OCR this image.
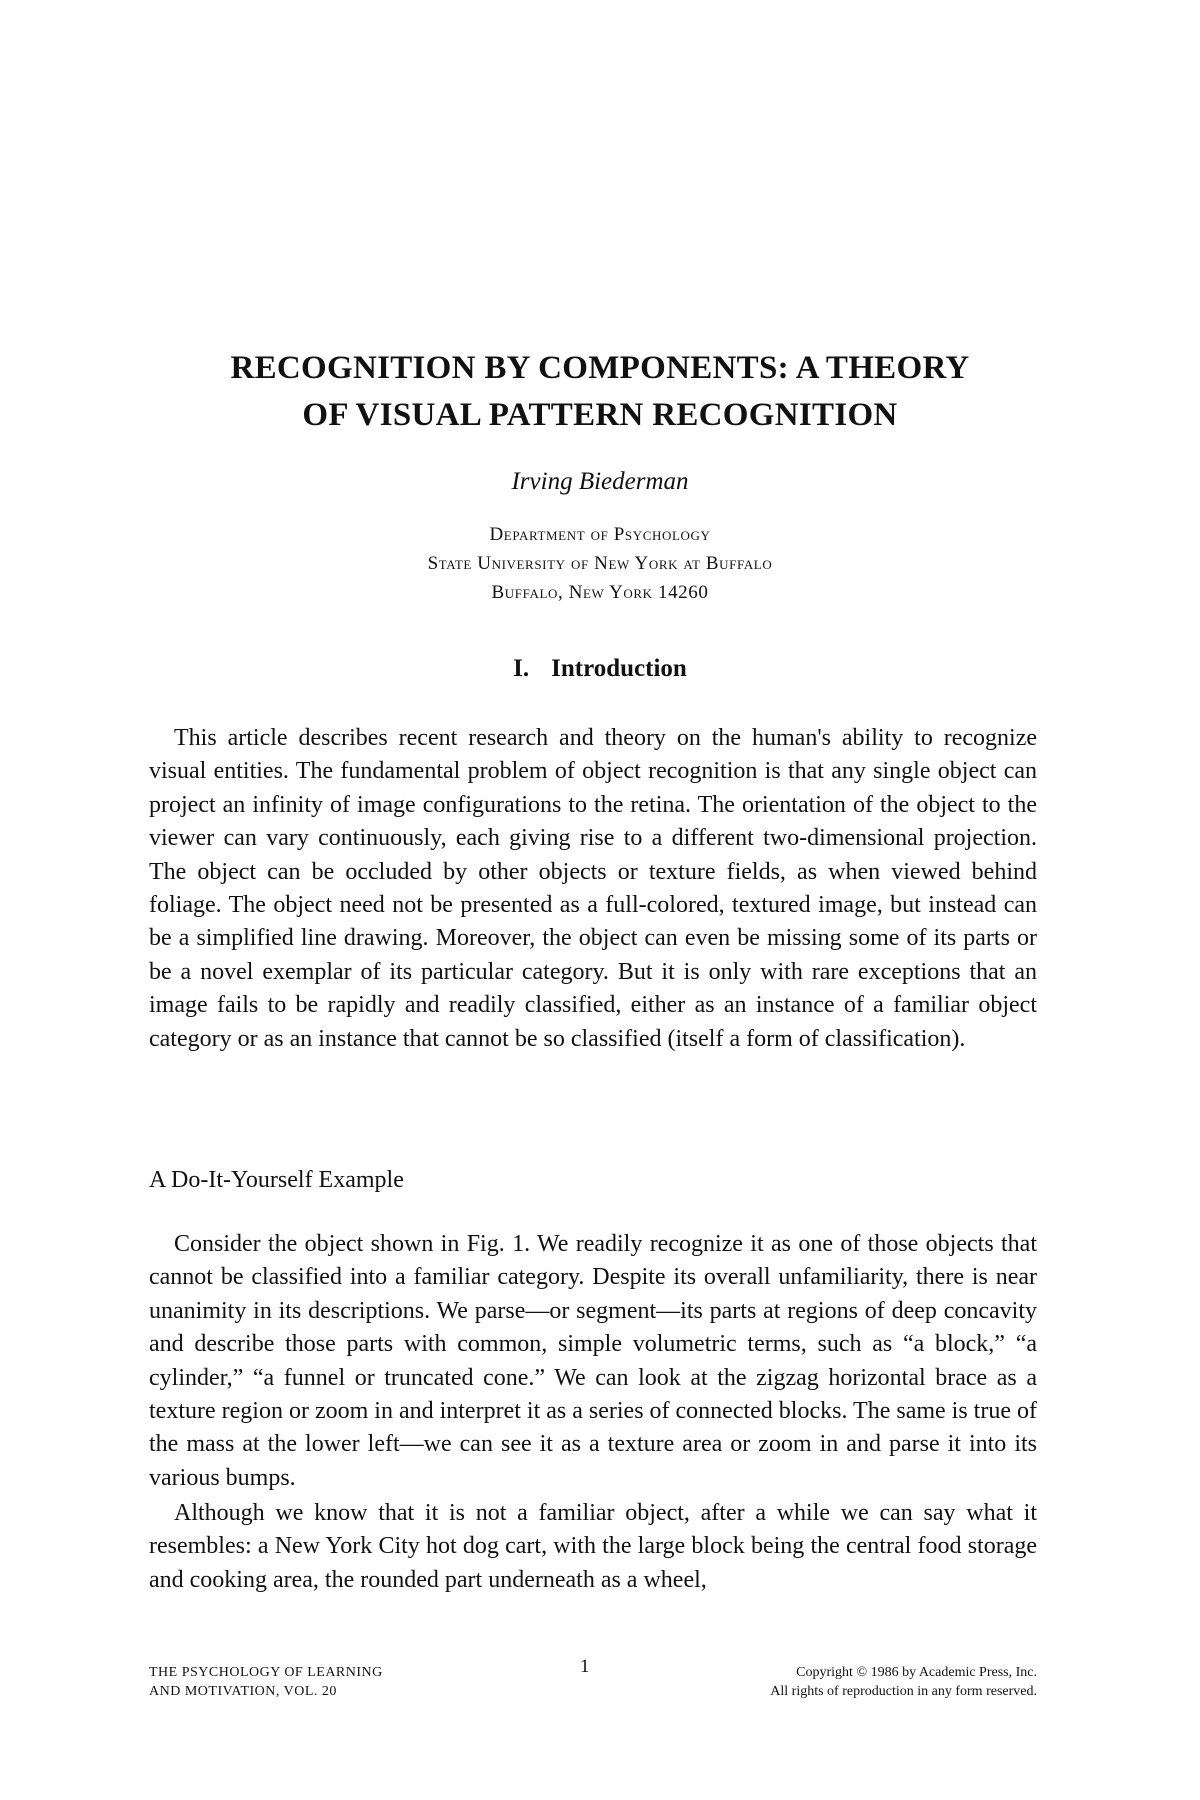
RECOGNITION BY COMPONENTS: A THEORY
OF VISUAL PATTERN RECOGNITION
Irving Biederman
Department of Psychology
State University of New York at Buffalo
Buffalo, New York 14260
I. Introduction

This article describes recent research and theory on the human's ability to recognize visual entities. The fundamental problem of object recognition is that any single object can project an infinity of image configurations to the retina. The orientation of the object to the viewer can vary continuously, each giving rise to a different two-dimensional projection. The object can be occluded by other objects or texture fields, as when viewed behind foliage. The object need not be presented as a full-colored, textured image, but instead can be a simplified line drawing. Moreover, the object can even be missing some of its parts or be a novel exemplar of its particular category. But it is only with rare exceptions that an image fails to be rapidly and readily classified, either as an instance of a familiar object category or as an instance that cannot be so classified (itself a form of classification).

A Do-It-Yourself Example

Consider the object shown in Fig. 1. We readily recognize it as one of those objects that cannot be classified into a familiar category. Despite its overall unfamiliarity, there is near unanimity in its descriptions. We parse—or segment—its parts at regions of deep concavity and describe those parts with common, simple volumetric terms, such as “a block,” “a cylinder,” “a funnel or truncated cone.” We can look at the zigzag horizontal brace as a texture region or zoom in and interpret it as a series of connected blocks. The same is true of the mass at the lower left—we can see it as a texture area or zoom in and parse it into its various bumps.

Although we know that it is not a familiar object, after a while we can say what it resembles: a New York City hot dog cart, with the large block being the central food storage and cooking area, the rounded part underneath as a wheel,

THE PSYCHOLOGY OF LEARNING
AND MOTIVATION, VOL. 20
1	Copyright © 1986 by Academic Press, Inc.
All rights of reproduction in any form reserved.
